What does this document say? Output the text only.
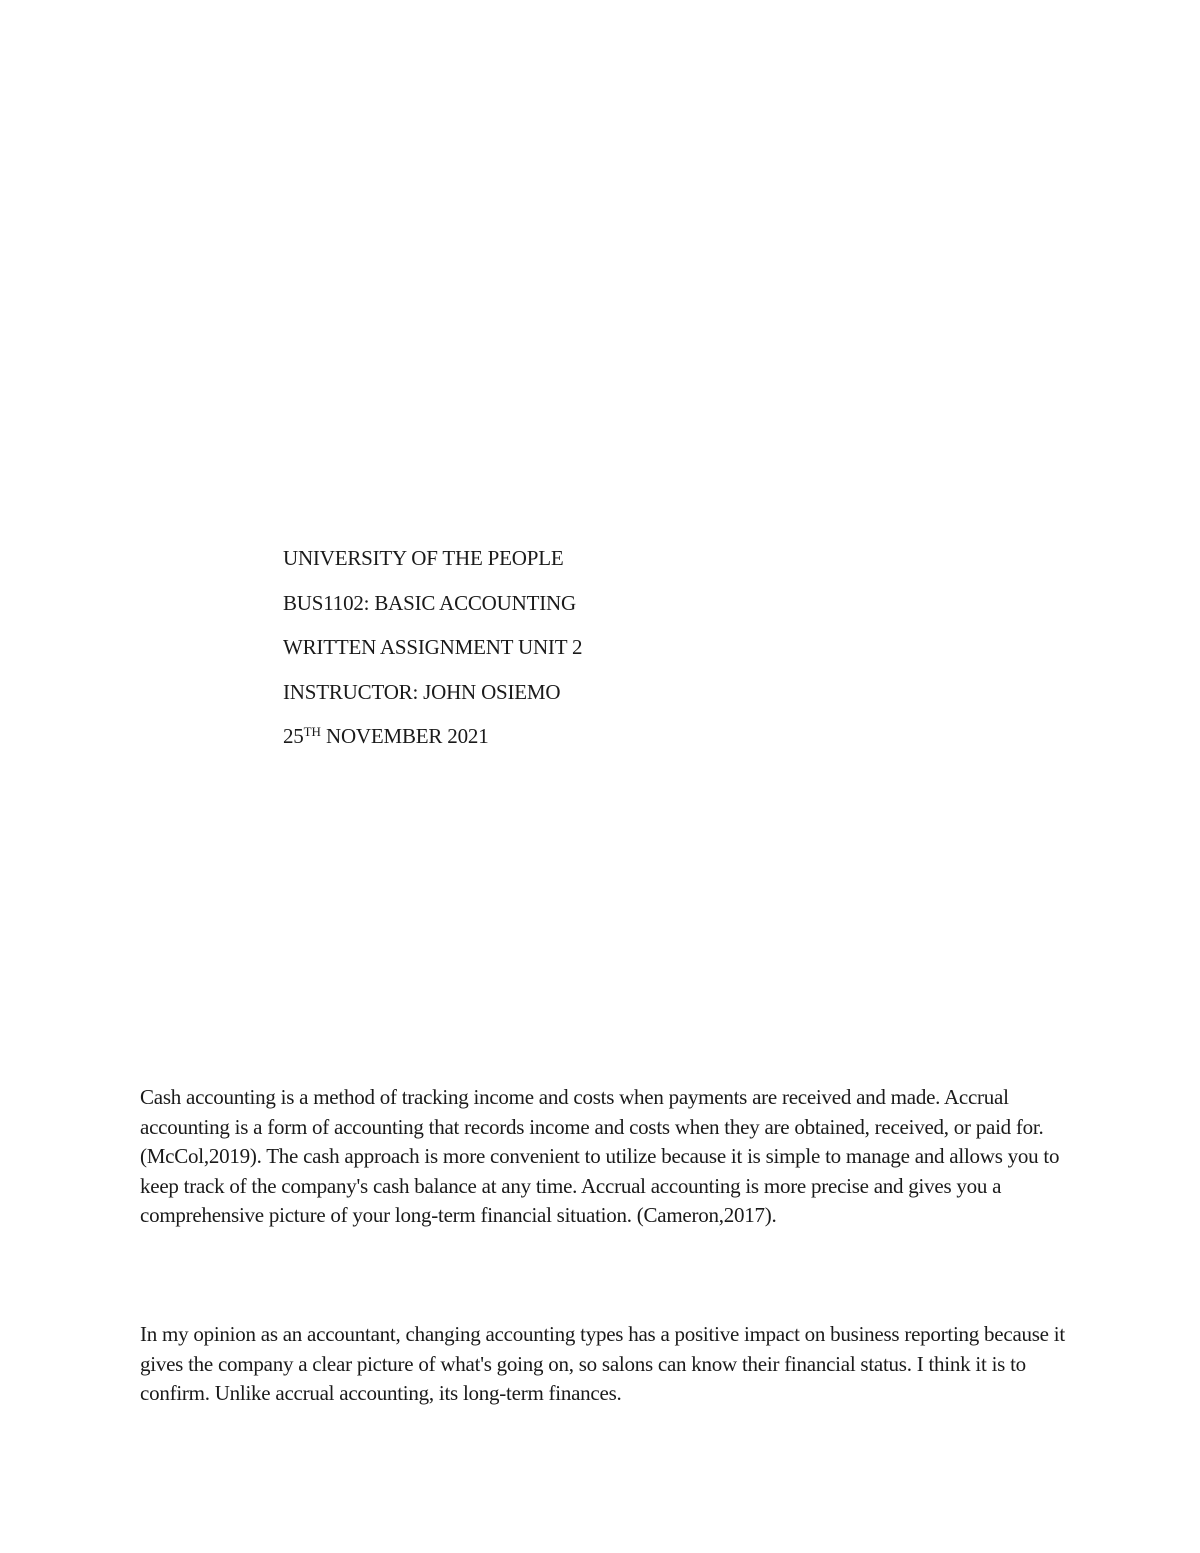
UNIVERSITY OF THE PEOPLE
BUS1102: BASIC ACCOUNTING
WRITTEN ASSIGNMENT UNIT 2
INSTRUCTOR: JOHN OSIEMO
25TH NOVEMBER 2021

Cash accounting is a method of tracking income and costs when payments are received and made. Accrual accounting is a form of accounting that records income and costs when they are obtained, received, or paid for. (McCol,2019). The cash approach is more convenient to utilize because it is simple to manage and allows you to keep track of the company's cash balance at any time. Accrual accounting is more precise and gives you a comprehensive picture of your long-term financial situation. (Cameron,2017).

In my opinion as an accountant, changing accounting types has a positive impact on business reporting because it gives the company a clear picture of what's going on, so salons can know their financial status. I think it is to confirm. Unlike accrual accounting, its long-term finances.
